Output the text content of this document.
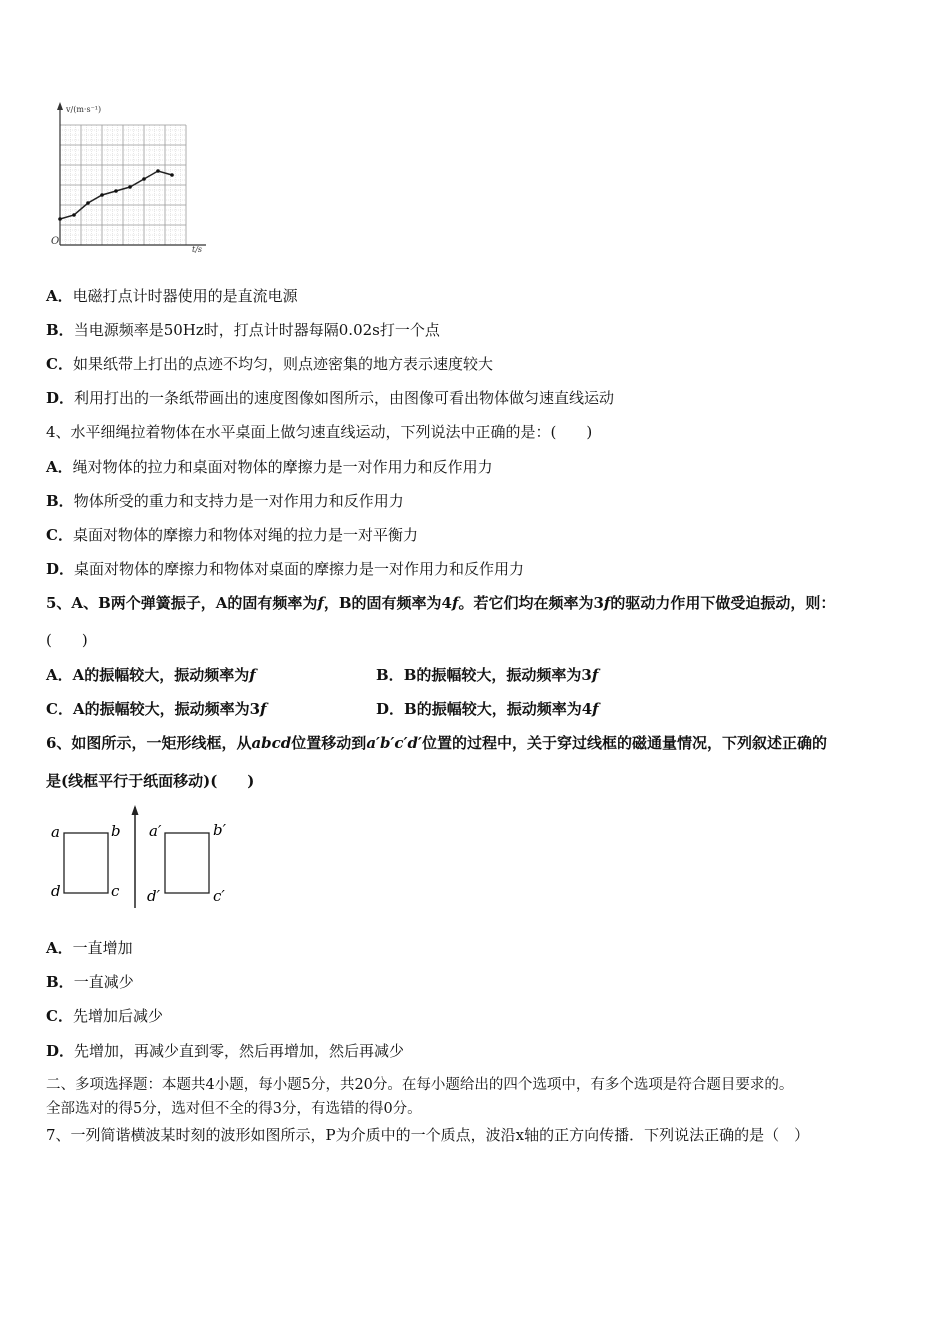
v/(m·s⁻¹)
t/s
O
A．电磁打点计时器使用的是直流电源
B．当电源频率是50Hz时，打点计时器每隔0.02s打一个点
C．如果纸带上打出的点迹不均匀，则点迹密集的地方表示速度较大
D．利用打出的一条纸带画出的速度图像如图所示，由图像可看出物体做匀速直线运动
4、水平细绳拉着物体在水平桌面上做匀速直线运动，下列说法中正确的是：(　　)
A．绳对物体的拉力和桌面对物体的摩擦力是一对作用力和反作用力
B．物体所受的重力和支持力是一对作用力和反作用力
C．桌面对物体的摩擦力和物体对绳的拉力是一对平衡力
D．桌面对物体的摩擦力和物体对桌面的摩擦力是一对作用力和反作用力
5、A、B两个弹簧振子，A的固有频率为f，B的固有频率为4f。若它们均在频率为3f的驱动力作用下做受迫振动，则：
(　　)
A．A的振幅较大，振动频率为f	B．B的振幅较大，振动频率为3f
C．A的振幅较大，振动频率为3f	D．B的振幅较大，振动频率为4f
6、如图所示，一矩形线框，从abcd位置移动到a′b′c′d′位置的过程中，关于穿过线框的磁通量情况，下列叙述正确的
是(线框平行于纸面移动)(　　)
a	b
c
d
a′	b′
c′
d′
A．一直增加
B．一直减少
C．先增加后减少
D．先增加，再减少直到零，然后再增加，然后再减少
二、多项选择题：本题共4小题，每小题5分，共20分。在每小题给出的四个选项中，有多个选项是符合题目要求的。
全部选对的得5分，选对但不全的得3分，有选错的得0分。
7、一列简谐横波某时刻的波形如图所示，P为介质中的一个质点，波沿x轴的正方向传播．下列说法正确的是（　）
